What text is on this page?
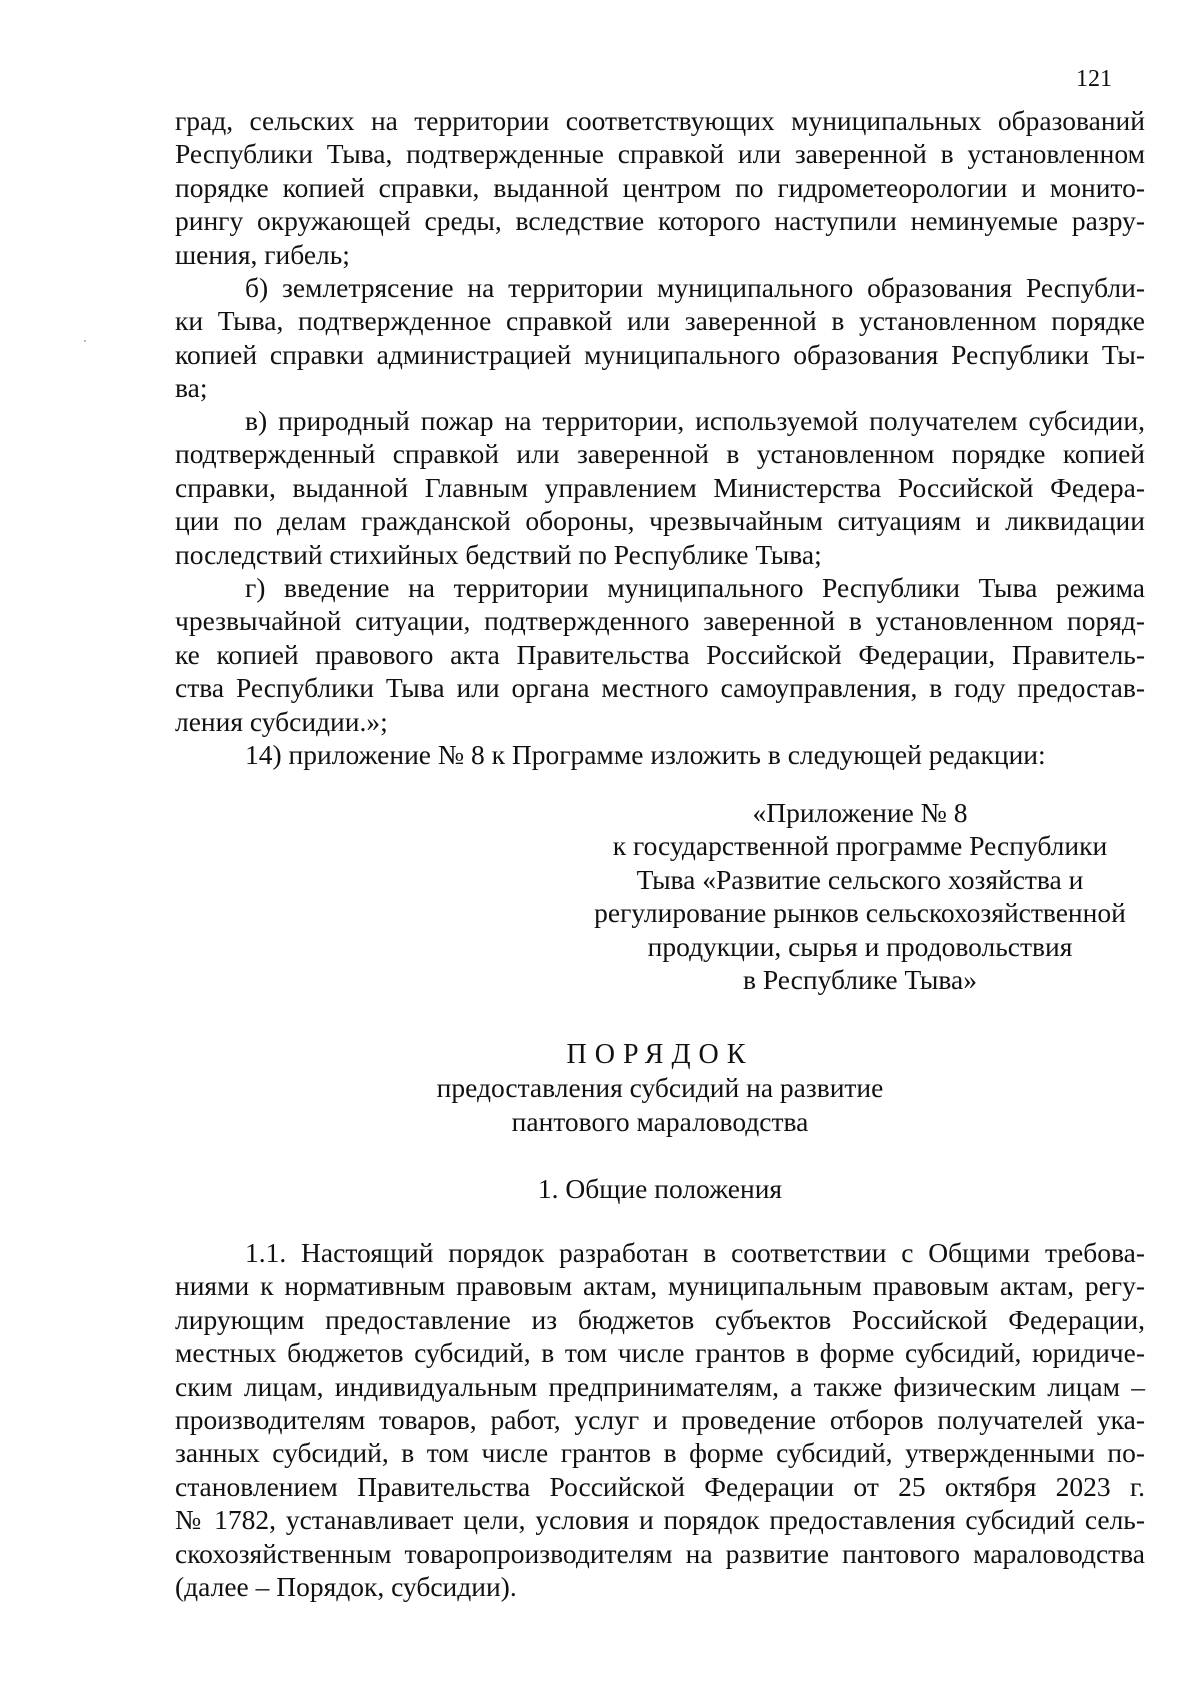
121
град, сельских на территории соответствующих муниципальных образований
Республики Тыва, подтвержденные справкой или заверенной в установленном
порядке копией справки, выданной центром по гидрометеорологии и монито-
рингу окружающей среды, вследствие которого наступили неминуемые разру-
шения, гибель;
б) землетрясение на территории муниципального образования Республи-
ки Тыва, подтвержденное справкой или заверенной в установленном порядке
копией справки администрацией муниципального образования Республики Ты-
ва;
в) природный пожар на территории, используемой получателем субсидии,
подтвержденный справкой или заверенной в установленном порядке копией
справки, выданной Главным управлением Министерства Российской Федера-
ции по делам гражданской обороны, чрезвычайным ситуациям и ликвидации
последствий стихийных бедствий по Республике Тыва;
г) введение на территории муниципального Республики Тыва режима
чрезвычайной ситуации, подтвержденного заверенной в установленном поряд-
ке копией правового акта Правительства Российской Федерации, Правитель-
ства Республики Тыва или органа местного самоуправления, в году предостав-
ления субсидии.»;
14) приложение № 8 к Программе изложить в следующей редакции:
«Приложение № 8
к государственной программе Республики
Тыва «Развитие сельского хозяйства и
регулирование рынков сельскохозяйственной
продукции, сырья и продовольствия
в Республике Тыва»
ПОРЯДОК
предоставления субсидий на развитие
пантового мараловодства
1. Общие положения
1.1. Настоящий порядок разработан в соответствии с Общими требова-
ниями к нормативным правовым актам, муниципальным правовым актам, регу-
лирующим предоставление из бюджетов субъектов Российской Федерации,
местных бюджетов субсидий, в том числе грантов в форме субсидий, юридиче-
ским лицам, индивидуальным предпринимателям, а также физическим лицам –
производителям товаров, работ, услуг и проведение отборов получателей ука-
занных субсидий, в том числе грантов в форме субсидий, утвержденными по-
становлением Правительства Российской Федерации от 25 октября 2023 г.
№ 1782, устанавливает цели, условия и порядок предоставления субсидий сель-
скохозяйственным товаропроизводителям на развитие пантового мараловодства
(далее – Порядок, субсидии).
